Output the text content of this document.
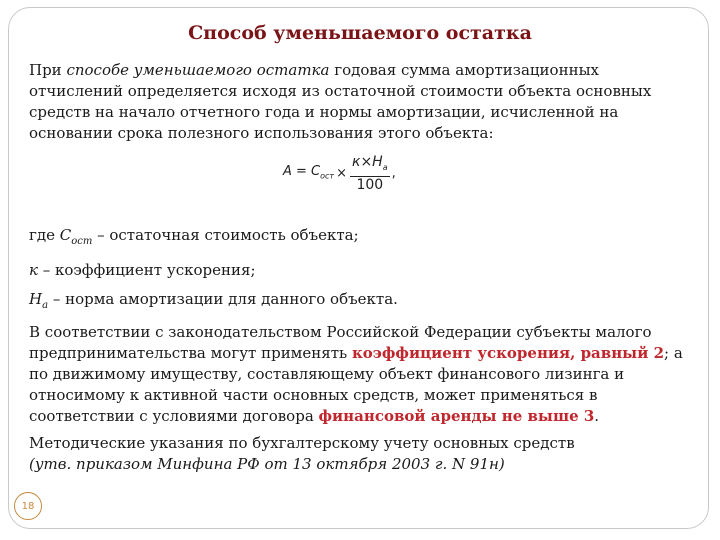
Способ уменьшаемого остатка

При способе уменьшаемого остатка годовая сумма амортизационных отчислений определяется исходя из остаточной стоимости объекта основных средств на начало отчетного года и нормы амортизации, исчисленной на основании срока полезного использования этого объекта:

$A = C_{ост} \times \frac{к\times Н_а}{100}$ ,

где $C_{ост}$ – остаточная стоимость объекта;

к – коэффициент ускорения;

$Н_а$ – норма амортизации для данного объекта.

В соответствии с законодательством Российской Федерации субъекты малого предпринимательства могут применять коэффициент ускорения, равный 2; а по движимому имуществу, составляющему объект финансового лизинга и относимому к активной части основных средств, может применяться в соответствии с условиями договора финансовой аренды не выше 3.

Методические указания по бухгалтерскому учету основных средств
(утв. приказом Минфина РФ от 13 октября 2003 г. N 91н)

18
